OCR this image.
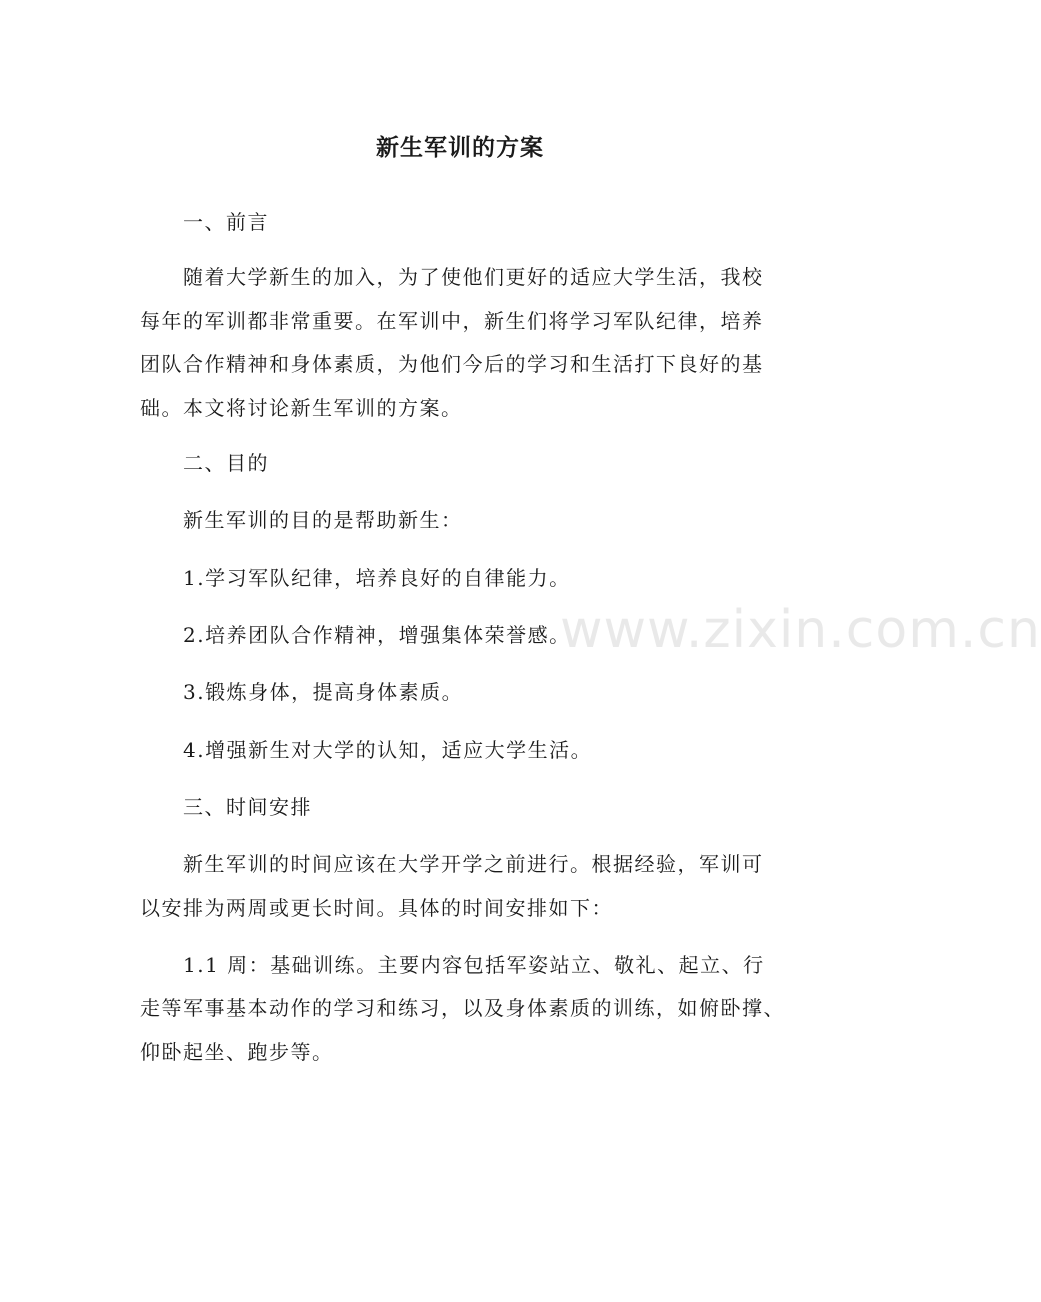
www.zixin.com.cn
新生军训的方案
一、前言
随着大学新生的加入，为了使他们更好的适应大学生活，我校
每年的军训都非常重要。在军训中，新生们将学习军队纪律，培养
团队合作精神和身体素质，为他们今后的学习和生活打下良好的基
础。本文将讨论新生军训的方案。
二、目的
新生军训的目的是帮助新生：
1.学习军队纪律，培养良好的自律能力。
2.培养团队合作精神，增强集体荣誉感。
3.锻炼身体，提高身体素质。
4.增强新生对大学的认知，适应大学生活。
三、时间安排
新生军训的时间应该在大学开学之前进行。根据经验，军训可
以安排为两周或更长时间。具体的时间安排如下：
1.1 周：基础训练。主要内容包括军姿站立、敬礼、起立、行
走等军事基本动作的学习和练习，以及身体素质的训练，如俯卧撑、
仰卧起坐、跑步等。
